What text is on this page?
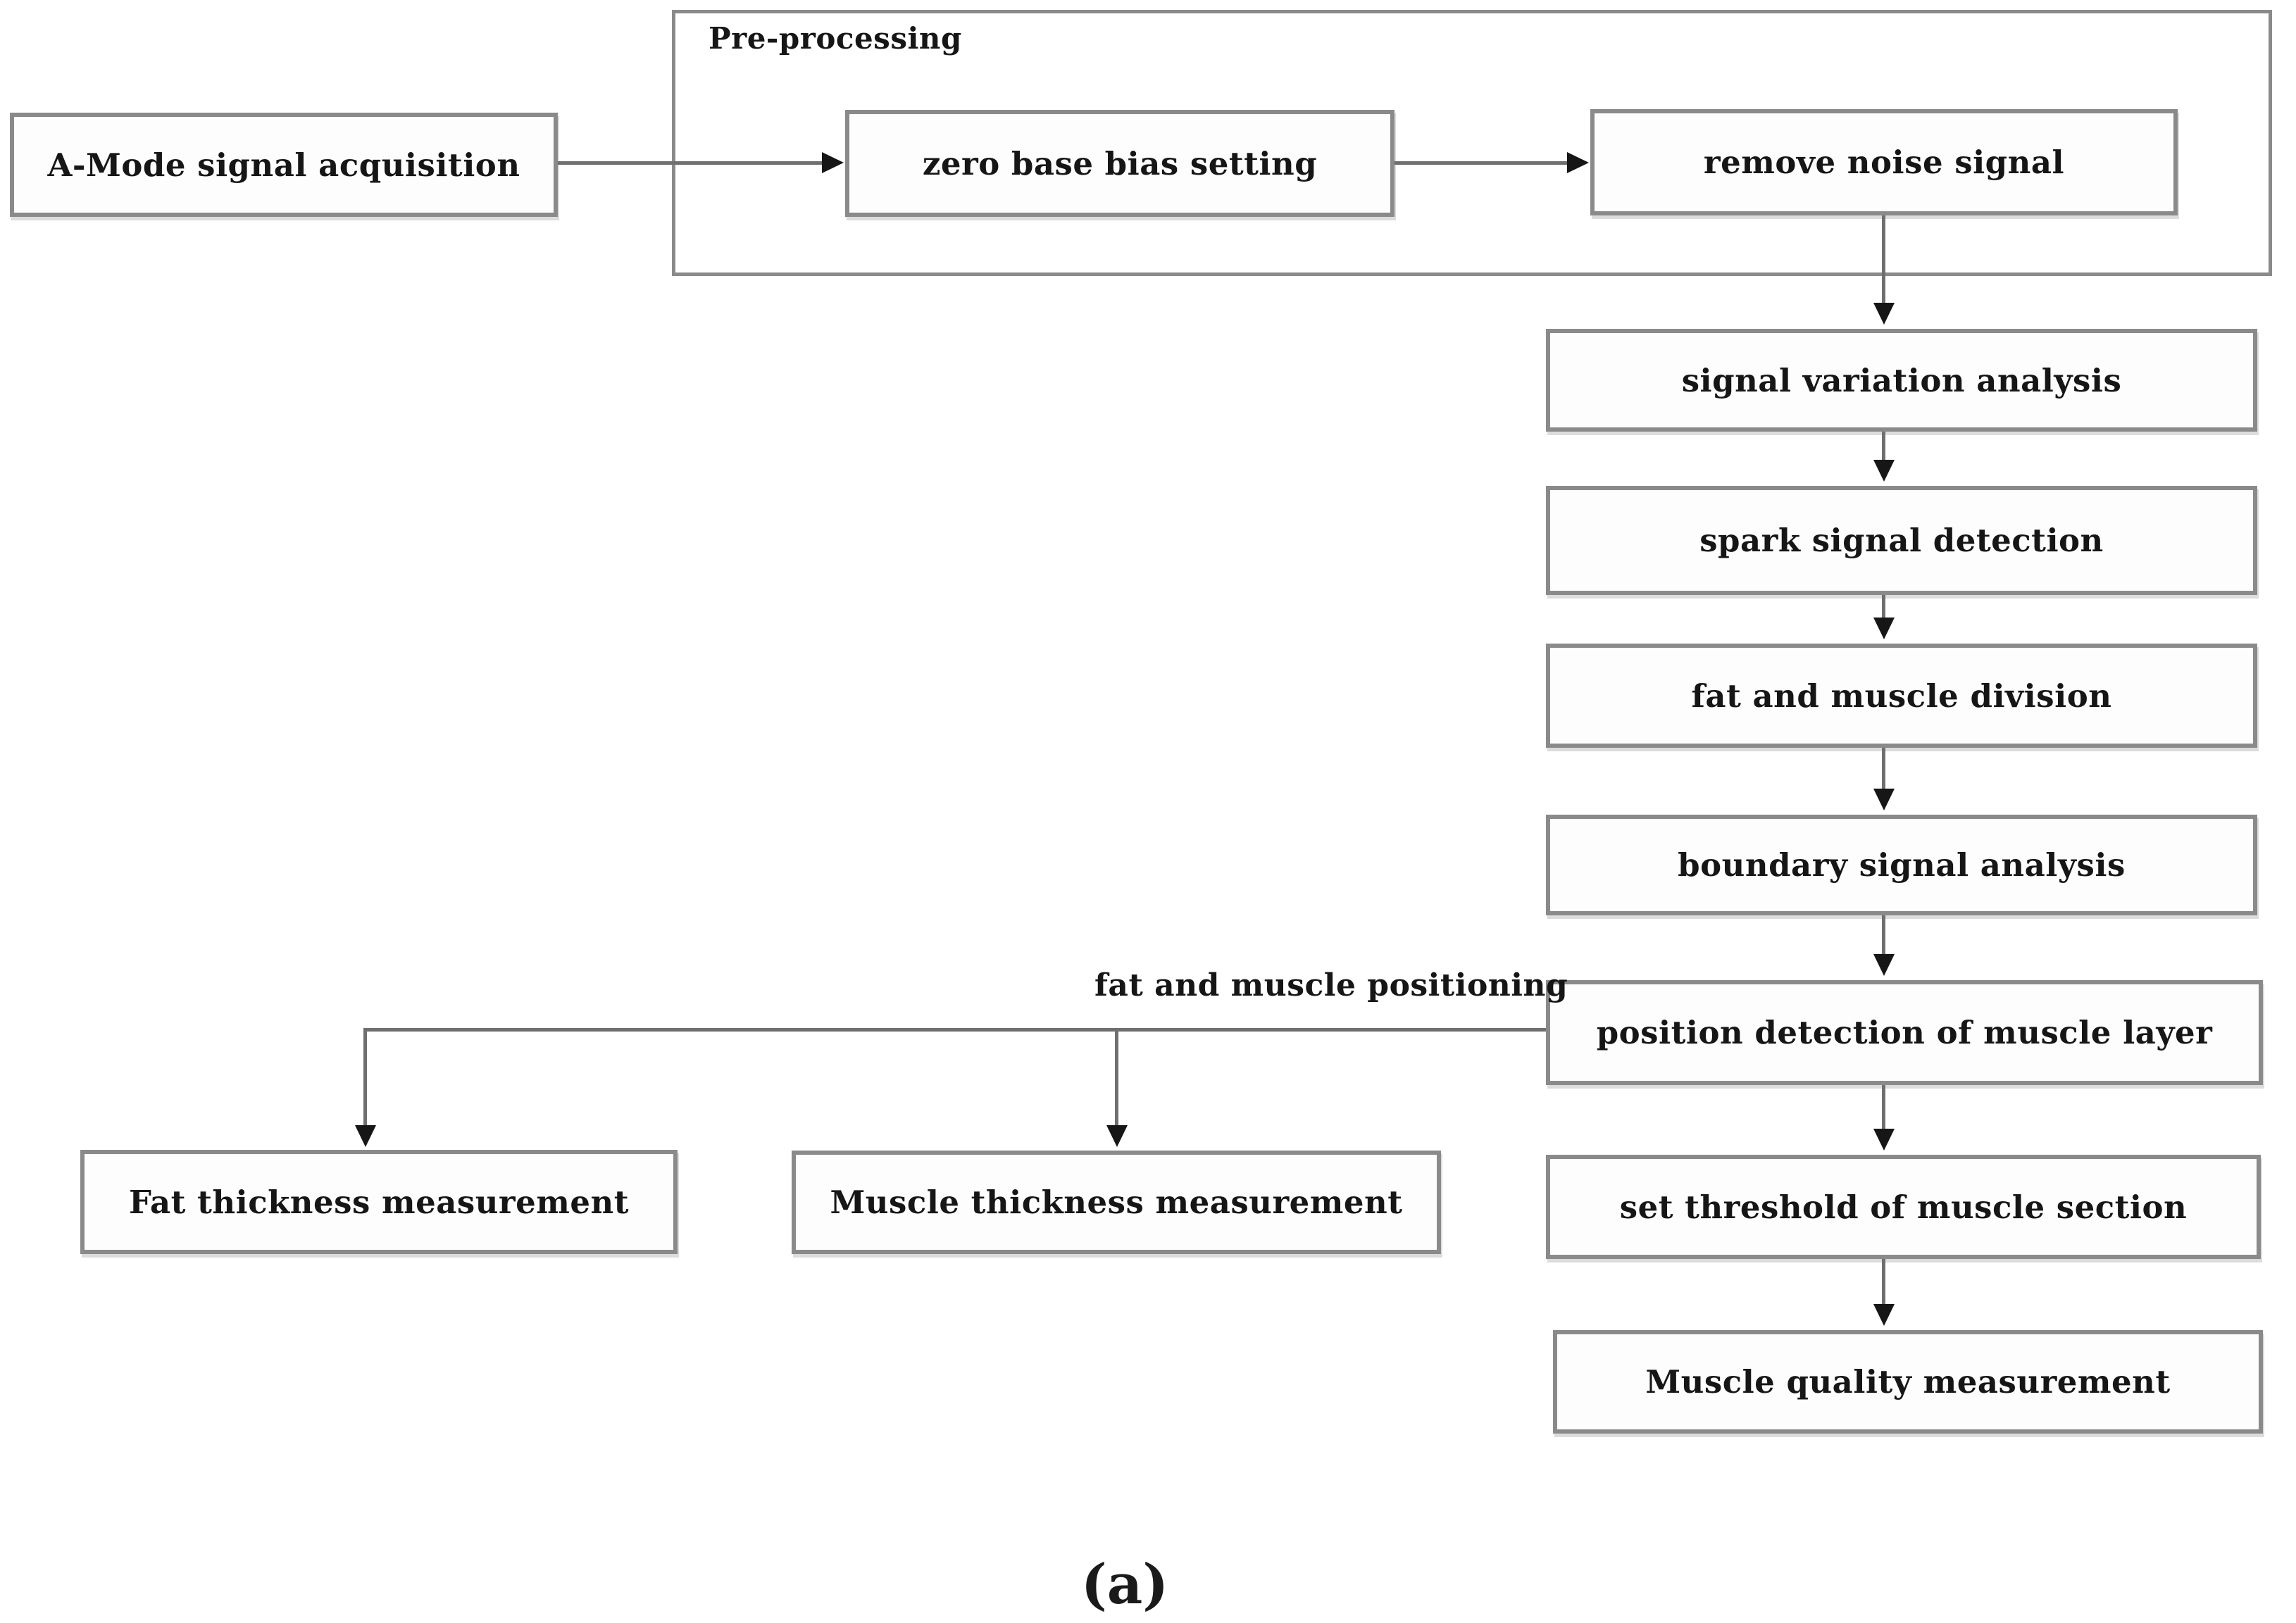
Pre-processing
A-Mode signal acquisition	zero base bias setting	remove noise signal
signal variation analysis
spark signal detection
fat and muscle division
boundary signal analysis
position detection of muscle layer
set threshold of muscle section
Muscle quality measurement
Fat thickness measurement	Muscle thickness measurement
fat and muscle positioning
(a)
